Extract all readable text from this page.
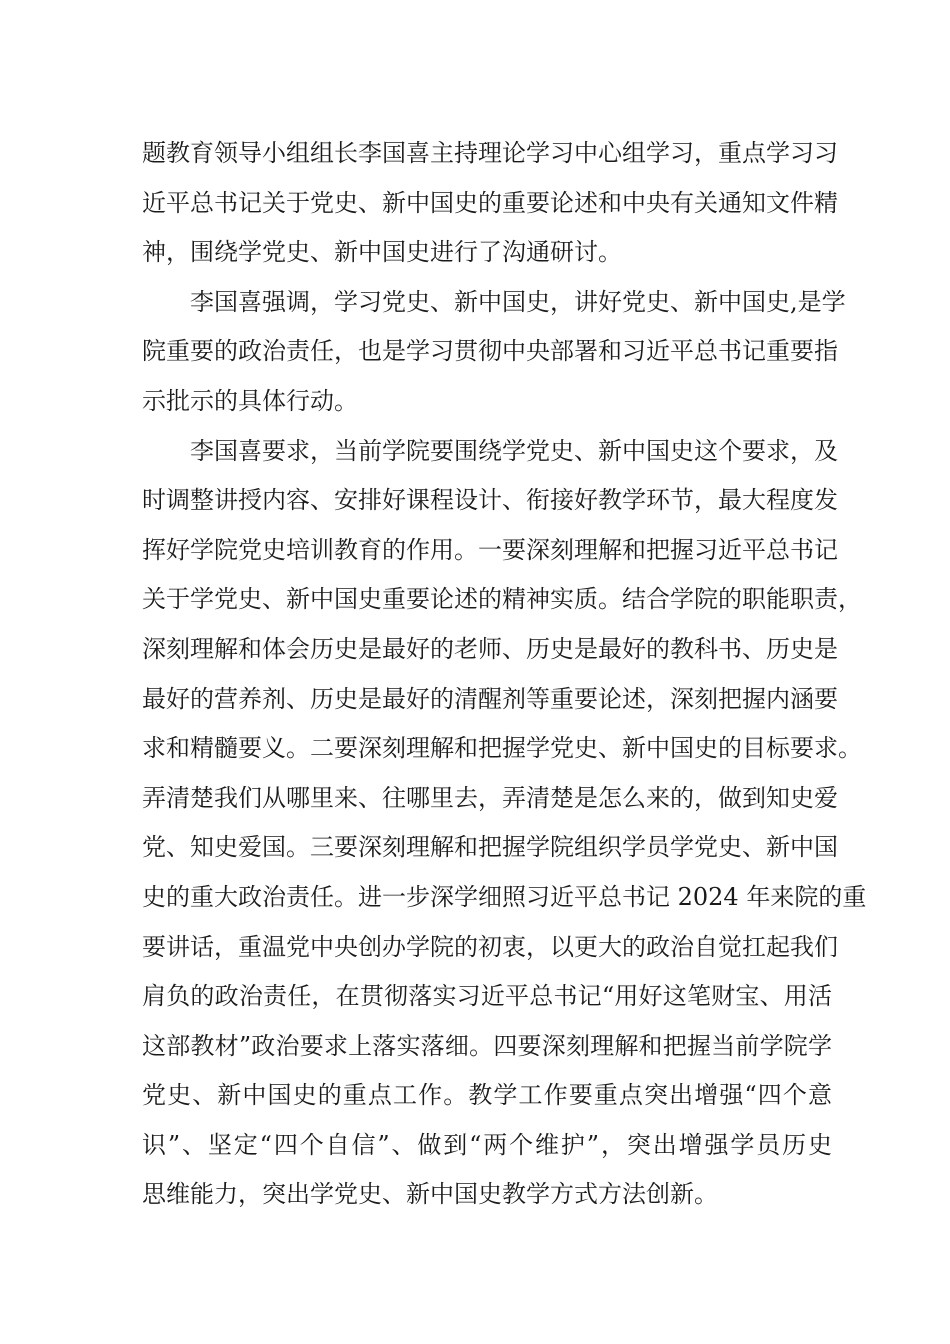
题教育领导小组组长李国喜主持理论学习中心组学习，重点学习习
近平总书记关于党史、新中国史的重要论述和中央有关通知文件精
神，围绕学党史、新中国史进行了沟通研讨。
李国喜强调，学习党史、新中国史，讲好党史、新中国史,是学
院重要的政治责任，也是学习贯彻中央部署和习近平总书记重要指
示批示的具体行动。
李国喜要求，当前学院要围绕学党史、新中国史这个要求，及
时调整讲授内容、安排好课程设计、衔接好教学环节，最大程度发
挥好学院党史培训教育的作用。一要深刻理解和把握习近平总书记
关于学党史、新中国史重要论述的精神实质。结合学院的职能职责，
深刻理解和体会历史是最好的老师、历史是最好的教科书、历史是
最好的营养剂、历史是最好的清醒剂等重要论述，深刻把握内涵要
求和精髓要义。二要深刻理解和把握学党史、新中国史的目标要求。
弄清楚我们从哪里来、往哪里去，弄清楚是怎么来的，做到知史爱
党、知史爱国。三要深刻理解和把握学院组织学员学党史、新中国
史的重大政治责任。进一步深学细照习近平总书记 2024 年来院的重
要讲话，重温党中央创办学院的初衷，以更大的政治自觉扛起我们
肩负的政治责任，在贯彻落实习近平总书记“用好这笔财宝、用活
这部教材”政治要求上落实落细。四要深刻理解和把握当前学院学
党史、新中国史的重点工作。教学工作要重点突出增强“四个意
识”、坚定“四个自信”、做到“两个维护”，突出增强学员历史
思维能力，突出学党史、新中国史教学方式方法创新。
